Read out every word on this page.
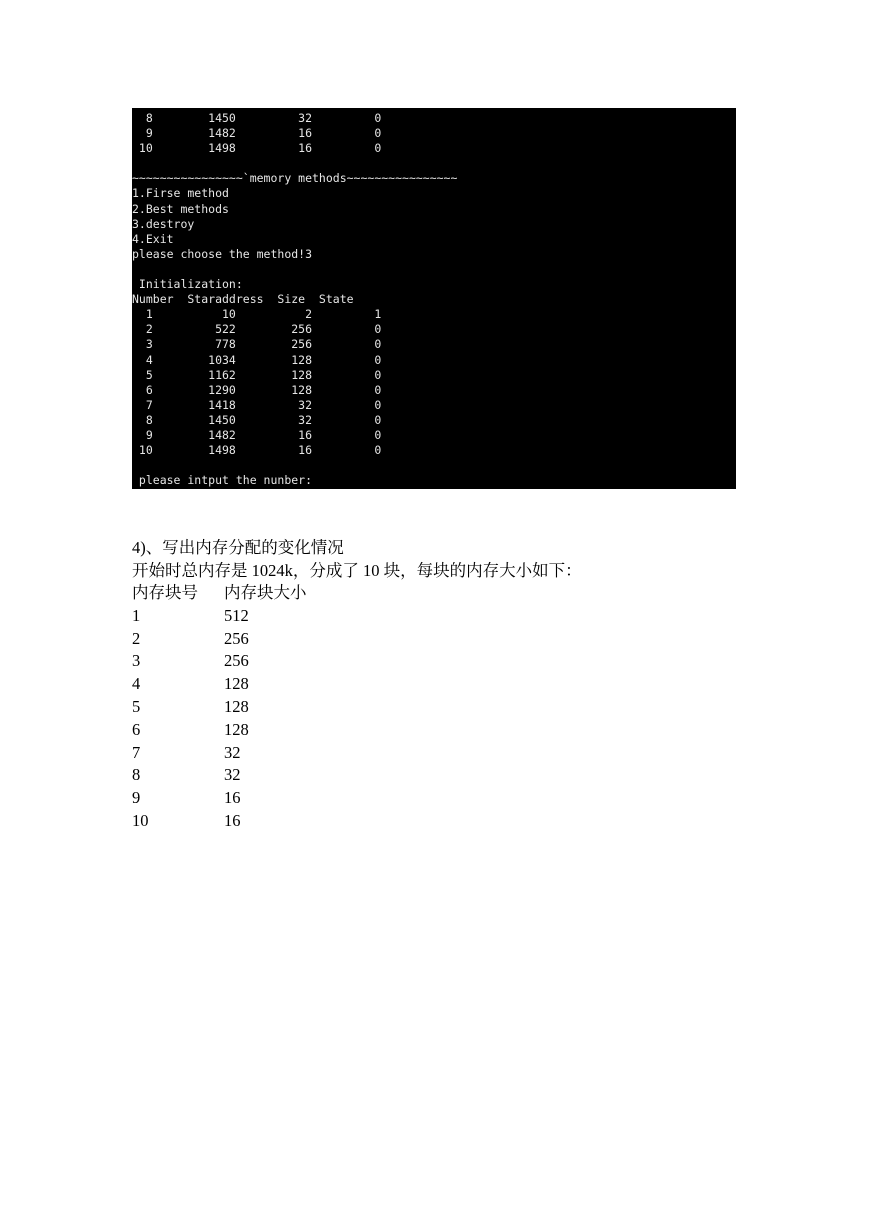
8        1450         32         0
9        1482         16         0
10        1498         16         0
~~~~~~~~~~~~~~~~`memory methods~~~~~~~~~~~~~~~~
1.Firse method
2.Best methods
3.destroy
4.Exit
please choose the method!3
Initialization:
Number  Staraddress  Size  State
1          10          2         1
2         522        256         0
3         778        256         0
4        1034        128         0
5        1162        128         0
6        1290        128         0
7        1418         32         0
8        1450         32         0
9        1482         16         0
10        1498         16         0
please intput the nunber:
4)、写出内存分配的变化情况
开始时总内存是 1024k，分成了 10 块，每块的内存大小如下：
内存块号	内存块大小
1	512
2	256
3	256
4	128
5	128
6	128
7	32
8	32
9	16
10	16
